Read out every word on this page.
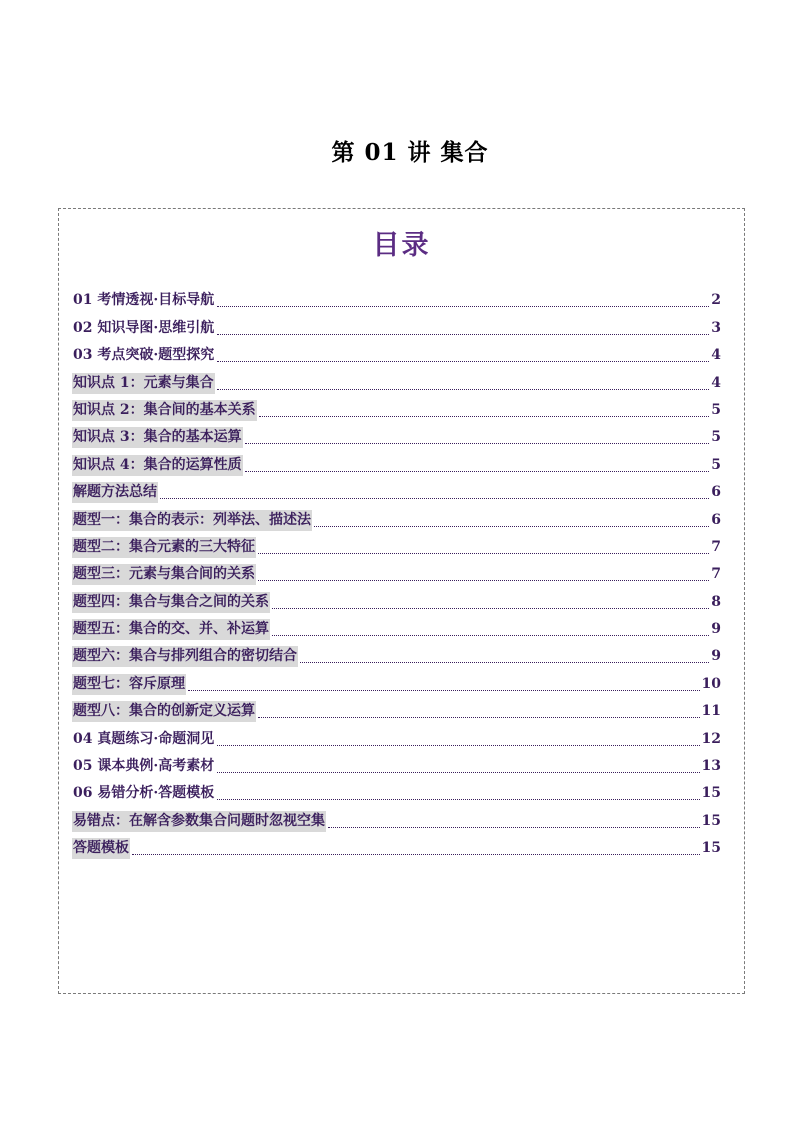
第 01 讲 集合
目录
01 考情透视·目标导航	2
02 知识导图·思维引航	3
03 考点突破·题型探究	4
知识点 1：元素与集合	4
知识点 2：集合间的基本关系	5
知识点 3：集合的基本运算	5
知识点 4：集合的运算性质	5
解题方法总结	6
题型一：集合的表示：列举法、描述法	6
题型二：集合元素的三大特征	7
题型三：元素与集合间的关系	7
题型四：集合与集合之间的关系	8
题型五：集合的交、并、补运算	9
题型六：集合与排列组合的密切结合	9
题型七：容斥原理	10
题型八：集合的创新定义运算	11
04 真题练习·命题洞见	12
05 课本典例·高考素材	13
06 易错分析·答题模板	15
易错点：在解含参数集合问题时忽视空集	15
答题模板	15
